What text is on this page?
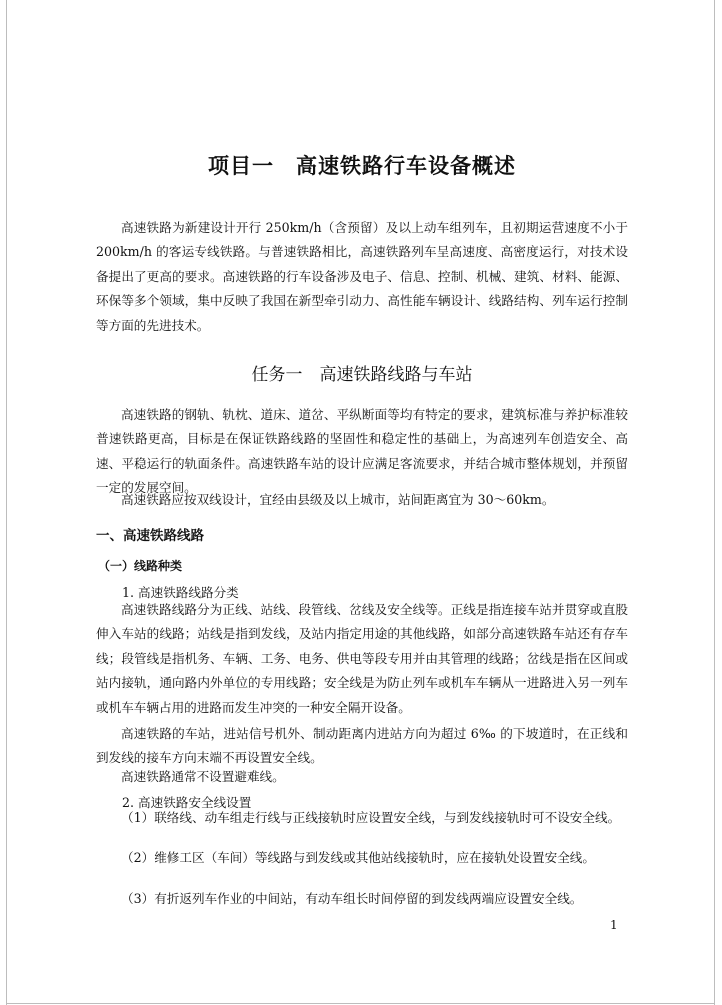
项目一　高速铁路行车设备概述

高速铁路为新建设计开行 250km/h（含预留）及以上动车组列车，且初期运营速度不小于 200km/h 的客运专线铁路。与普速铁路相比，高速铁路列车呈高速度、高密度运行，对技术设备提出了更高的要求。高速铁路的行车设备涉及电子、信息、控制、机械、建筑、材料、能源、环保等多个领域，集中反映了我国在新型牵引动力、高性能车辆设计、线路结构、列车运行控制等方面的先进技术。

任务一　高速铁路线路与车站

高速铁路的钢轨、轨枕、道床、道岔、平纵断面等均有特定的要求，建筑标准与养护标准较普速铁路更高，目标是在保证铁路线路的坚固性和稳定性的基础上，为高速列车创造安全、高速、平稳运行的轨面条件。高速铁路车站的设计应满足客流要求，并结合城市整体规划，并预留一定的发展空间。

高速铁路应按双线设计，宜经由县级及以上城市，站间距离宜为 30～60km。

一、高速铁路线路
（一）线路种类
1. 高速铁路线路分类

高速铁路线路分为正线、站线、段管线、岔线及安全线等。正线是指连接车站并贯穿或直股伸入车站的线路；站线是指到发线，及站内指定用途的其他线路，如部分高速铁路车站还有存车线；段管线是指机务、车辆、工务、电务、供电等段专用并由其管理的线路；岔线是指在区间或站内接轨，通向路内外单位的专用线路；安全线是为防止列车或机车车辆从一进路进入另一列车或机车车辆占用的进路而发生冲突的一种安全隔开设备。

高速铁路的车站，进站信号机外、制动距离内进站方向为超过 6‰ 的下坡道时，在正线和到发线的接车方向末端不再设置安全线。

高速铁路通常不设置避难线。

2. 高速铁路安全线设置

（1）联络线、动车组走行线与正线接轨时应设置安全线，与到发线接轨时可不设安全线。

（2）维修工区（车间）等线路与到发线或其他站线接轨时，应在接轨处设置安全线。

（3）有折返列车作业的中间站，有动车组长时间停留的到发线两端应设置安全线。

1
